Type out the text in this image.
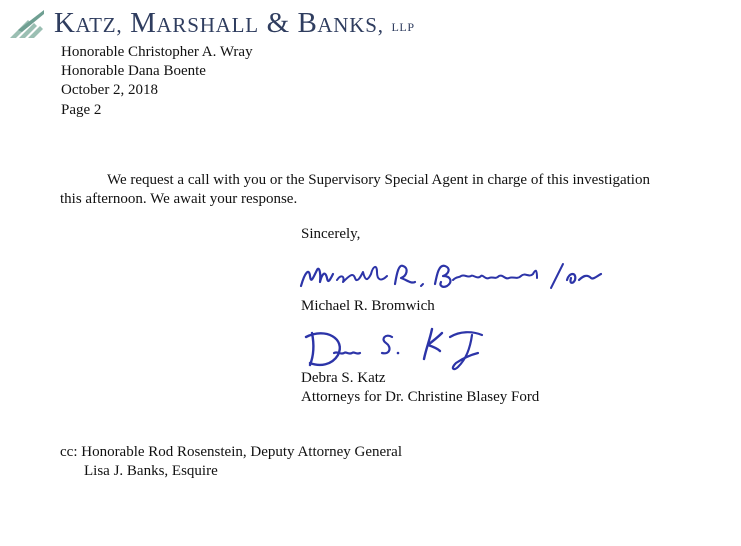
KATZ, MARSHALL & BANKS, LLP
Honorable Christopher A. Wray
Honorable Dana Boente
October 2, 2018
Page 2
We request a call with you or the Supervisory Special Agent in charge of this investigation
this afternoon. We await your response.
Sincerely,
Michael R. Bromwich
Debra S. Katz
Attorneys for Dr. Christine Blasey Ford
cc: Honorable Rod Rosenstein, Deputy Attorney General
Lisa J. Banks, Esquire
